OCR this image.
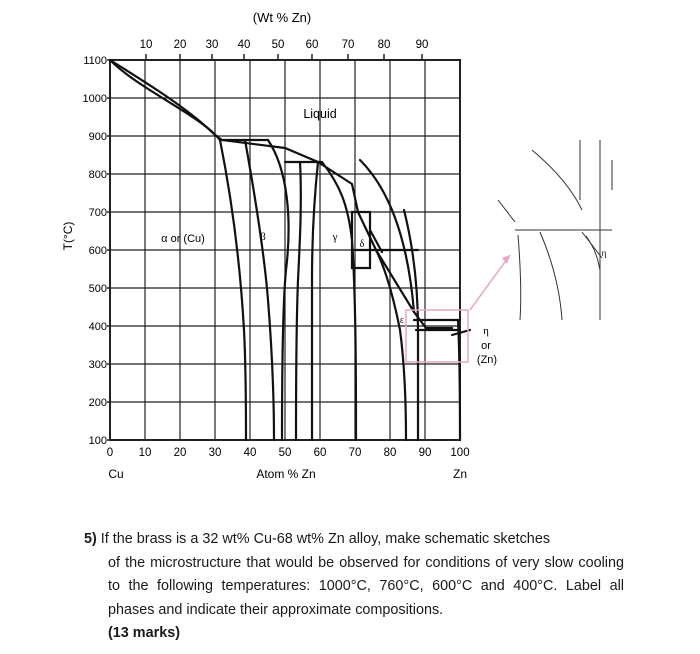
(Wt % Zn)
10 20 30 40 50 60 70 80 90
1100
1000
900
800
700
600
500
400
300
200
100
T(°C)
0 10 20 30 40 50 60 70 80 90 100
Cu	Atom % Zn	Zn
Liquid
α or (Cu)	β	γ
δ
ε
η
or
(Zn)
η
5) If the brass is a 32 wt% Cu-68 wt% Zn alloy, make schematic sketches
of the microstructure that would be observed for conditions of very slow cooling to the following temperatures: 1000°C, 760°C, 600°C and 400°C. Label all phases and indicate their approximate compositions.
(13 marks)
